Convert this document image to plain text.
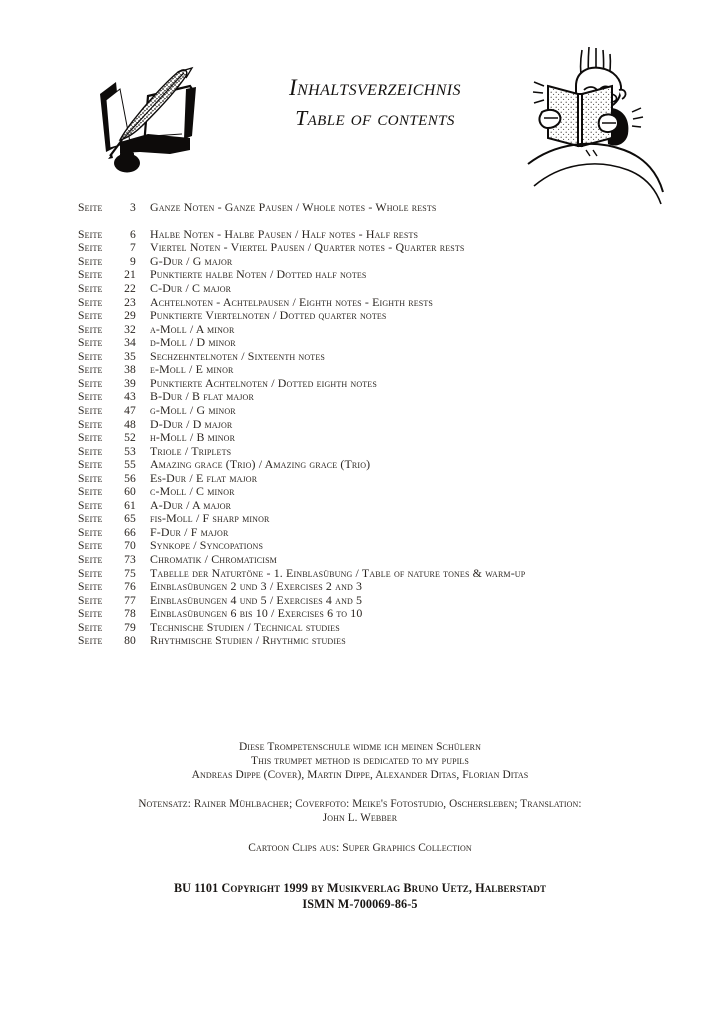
Inhaltsverzeichnis
Table of contents
Seite	3 Ganze Noten - Ganze Pausen / Whole notes - Whole rests
Seite	6 Halbe Noten - Halbe Pausen / Half notes - Half rests
Seite	7 Viertel Noten - Viertel Pausen / Quarter notes - Quarter rests
Seite	9 G-Dur / G major
Seite	21 Punktierte halbe Noten / Dotted half notes
Seite	22 C-Dur / C major
Seite	23 Achtelnoten - Achtelpausen / Eighth notes - Eighth rests
Seite	29 Punktierte Viertelnoten / Dotted quarter notes
Seite	32 a-Moll / A minor
Seite	34 d-Moll / D minor
Seite	35 Sechzehntelnoten / Sixteenth notes
Seite	38 e-Moll / E minor
Seite	39 Punktierte Achtelnoten / Dotted eighth notes
Seite	43 B-Dur / B flat major
Seite	47 g-Moll / G minor
Seite	48 D-Dur / D major
Seite	52 h-Moll / B minor
Seite	53 Triole / Triplets
Seite	55 Amazing grace (Trio) / Amazing grace (Trio)
Seite	56 Es-Dur / E flat major
Seite	60 c-Moll / C minor
Seite	61 A-Dur / A major
Seite	65 fis-Moll / F sharp minor
Seite	66 F-Dur / F major
Seite	70 Synkope / Syncopations
Seite	73 Chromatik / Chromaticism
Seite	75 Tabelle der Naturtöne - 1. Einblasübung / Table of nature tones & warm-up
Seite	76 Einblasübungen 2 und 3 / Exercises 2 and 3
Seite	77 Einblasübungen 4 und 5 / Exercises 4 and 5
Seite	78 Einblasübungen 6 bis 10 / Exercises 6 to 10
Seite	79 Technische Studien / Technical studies
Seite	80 Rhythmische Studien / Rhythmic studies
Diese Trompetenschule widme ich meinen Schülern
This trumpet method is dedicated to my pupils
Andreas Dippe (Cover), Martin Dippe, Alexander Ditas, Florian Ditas
Notensatz: Rainer Mühlbacher; Coverfoto: Meike's Fotostudio, Oschersleben; Translation:
John L. Webber
Cartoon Clips aus: Super Graphics Collection
BU 1101 Copyright 1999 by Musikverlag Bruno Uetz, Halberstadt
ISMN M-700069-86-5
